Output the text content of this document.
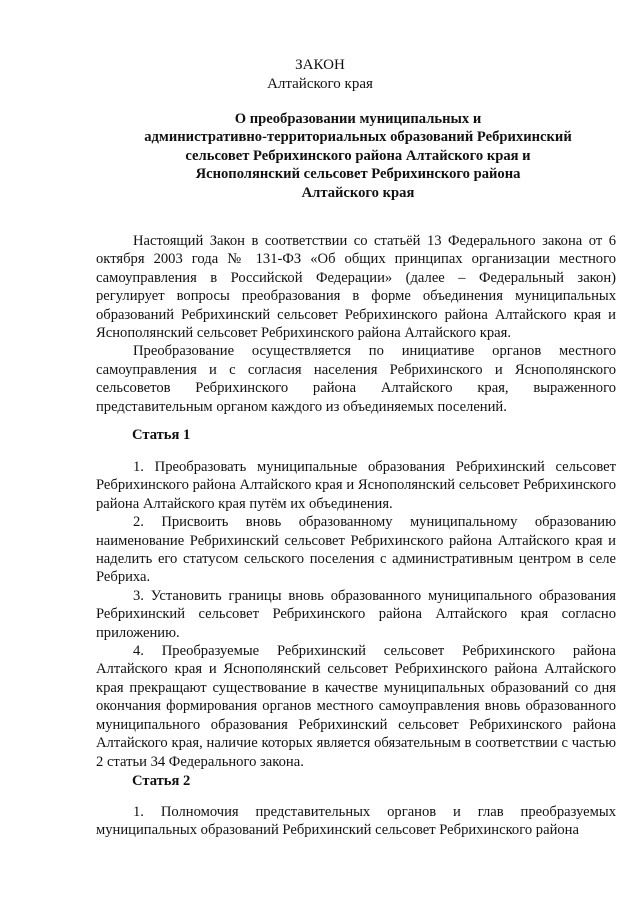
ЗАКОН
Алтайского края
О преобразовании муниципальных и
административно-территориальных образований Ребрихинский
сельсовет Ребрихинского района Алтайского края и
Яснополянский сельсовет Ребрихинского района
Алтайского края

Настоящий Закон в соответствии со статьёй 13 Федерального закона от 6 октября 2003 года № 131-ФЗ «Об общих принципах организации местного самоуправления в Российской Федерации» (далее – Федеральный закон) регулирует вопросы преобразования в форме объединения муниципальных образований Ребрихинский сельсовет Ребрихинского района Алтайского края и Яснополянский сельсовет Ребрихинского района Алтайского края.

Преобразование осуществляется по инициативе органов местного самоуправления и с согласия населения Ребрихинского и Яснополянского сельсоветов Ребрихинского района Алтайского края, выраженного представительным органом каждого из объединяемых поселений.

Статья 1

1. Преобразовать муниципальные образования Ребрихинский сельсовет Ребрихинского района Алтайского края и Яснополянский сельсовет Ребрихинского района Алтайского края путём их объединения.

2. Присвоить вновь образованному муниципальному образованию наименование Ребрихинский сельсовет Ребрихинского района Алтайского края и наделить его статусом сельского поселения с административным центром в селе Ребриха.

3. Установить границы вновь образованного муниципального образования Ребрихинский сельсовет Ребрихинского района Алтайского края согласно приложению.

4. Преобразуемые Ребрихинский сельсовет Ребрихинского района Алтайского края и Яснополянский сельсовет Ребрихинского района Алтайского края прекращают существование в качестве муниципальных образований со дня окончания формирования органов местного самоуправления вновь образованного муниципального образования Ребрихинский сельсовет Ребрихинского района Алтайского края, наличие которых является обязательным в соответствии с частью 2 статьи 34 Федерального закона.

Статья 2

1. Полномочия представительных органов и глав преобразуемых муниципальных образований Ребрихинский сельсовет Ребрихинского района
